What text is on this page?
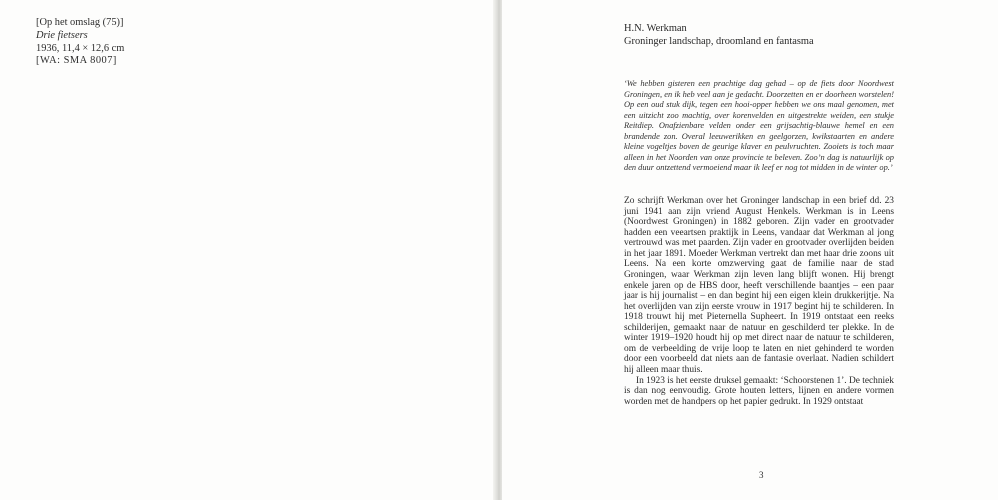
[Op het omslag (75)]
Drie fietsers
1936, 11,4 × 12,6 cm
[WA: SMA 8007]
H.N. Werkman
Groninger landschap, droomland en fantasma
‘We hebben gisteren een prachtige dag gehad – op de fiets door Noordwest Groningen, en ik heb veel aan je gedacht. Doorzetten en er doorheen worstelen! Op een oud stuk dijk, tegen een hooi-opper hebben we ons maal genomen, met een uitzicht zoo machtig, over korenvelden en uitgestrekte weiden, een stukje Reitdiep. Onafzienbare velden onder een grijsachtig-blauwe hemel en een brandende zon. Overal leeuwerikken en geelgorzen, kwikstaarten en andere kleine vogeltjes boven de geurige klaver en peulvruchten. Zooiets is toch maar alleen in het Noorden van onze provincie te beleven. Zoo’n dag is natuurlijk op den duur ontzettend vermoeiend maar ik leef er nog tot midden in de winter op.’

Zo schrijft Werkman over het Groninger landschap in een brief dd. 23 juni 1941 aan zijn vriend August Henkels. Werkman is in Leens (Noordwest Groningen) in 1882 geboren. Zijn vader en grootvader hadden een veeartsen praktijk in Leens, vandaar dat Werkman al jong vertrouwd was met paarden. Zijn vader en grootvader overlijden beiden in het jaar 1891. Moeder Werkman vertrekt dan met haar drie zoons uit Leens. Na een korte omzwerving gaat de familie naar de stad Groningen, waar Werkman zijn leven lang blijft wonen. Hij brengt enkele jaren op de HBS door, heeft verschillende baantjes – een paar jaar is hij journalist – en dan begint hij een eigen klein drukkerijtje. Na het overlijden van zijn eerste vrouw in 1917 begint hij te schilderen. In 1918 trouwt hij met Pieternella Supheert. In 1919 ontstaat een reeks schilderijen, gemaakt naar de natuur en geschilderd ter plekke. In de winter 1919–1920 houdt hij op met direct naar de natuur te schilderen, om de verbeelding de vrije loop te laten en niet gehinderd te worden door een voorbeeld dat niets aan de fantasie overlaat. Nadien schildert hij alleen maar thuis.

In 1923 is het eerste druksel gemaakt: ‘Schoorstenen 1’. De techniek is dan nog eenvoudig. Grote houten letters, lijnen en andere vormen worden met de handpers op het papier gedrukt. In 1929 ontstaat

3
